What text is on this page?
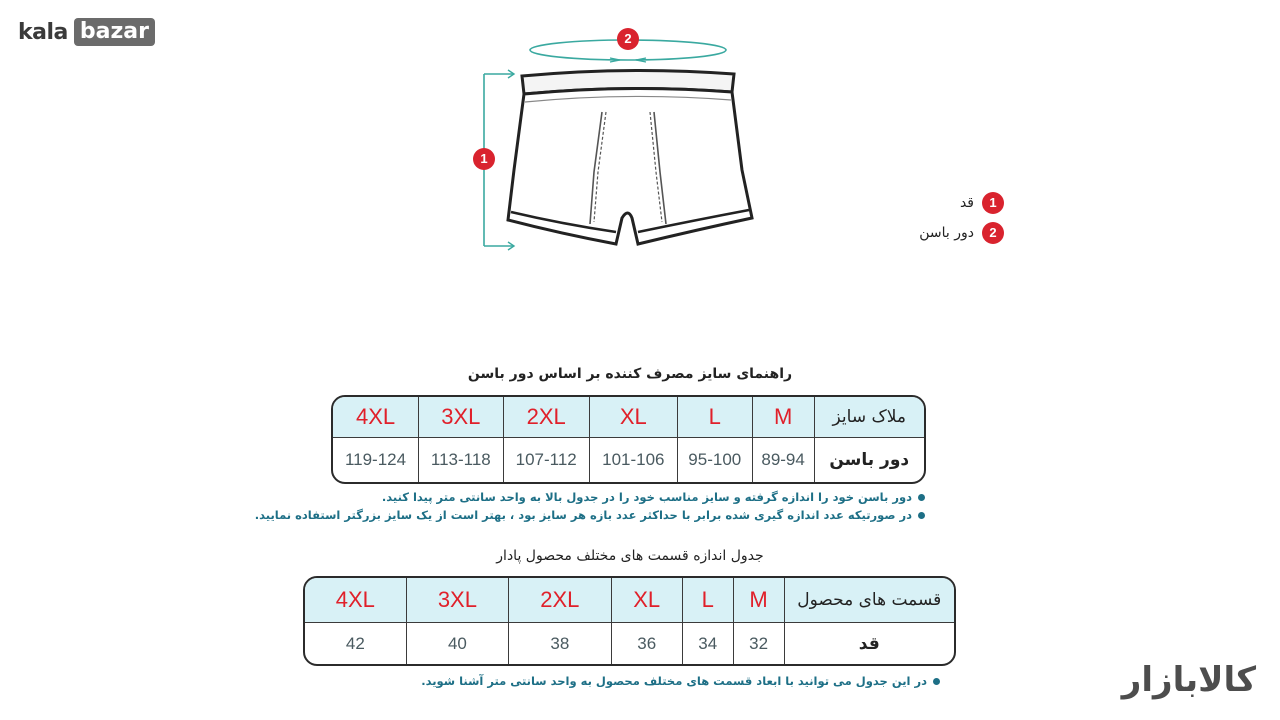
kala bazar	2
1
1
قد
2
دور باسن
راهنمای سایز مصرف کننده بر اساس دور باسن
4XL	3XL	2XL	XL	L	M	ملاک سایز
119-124	113-118	107-112	101-106	95-100	89-94	دور باسن
دور باسن خود را اندازه گرفته و سایز مناسب خود را در جدول بالا به واحد سانتی متر پیدا کنید.
در صورتیکه عدد اندازه گیری شده برابر با حداکثر عدد بازه هر سایز بود ، بهتر است از یک سایز بزرگتر استفاده نمایید.
جدول اندازه قسمت های مختلف محصول پادار
4XL	3XL	2XL	XL	L	M	قسمت های محصول
42	40	38	36	34	32	قد
در این جدول می توانید با ابعاد قسمت های مختلف محصول به واحد سانتی متر آشنا شوید.	کالابازار
